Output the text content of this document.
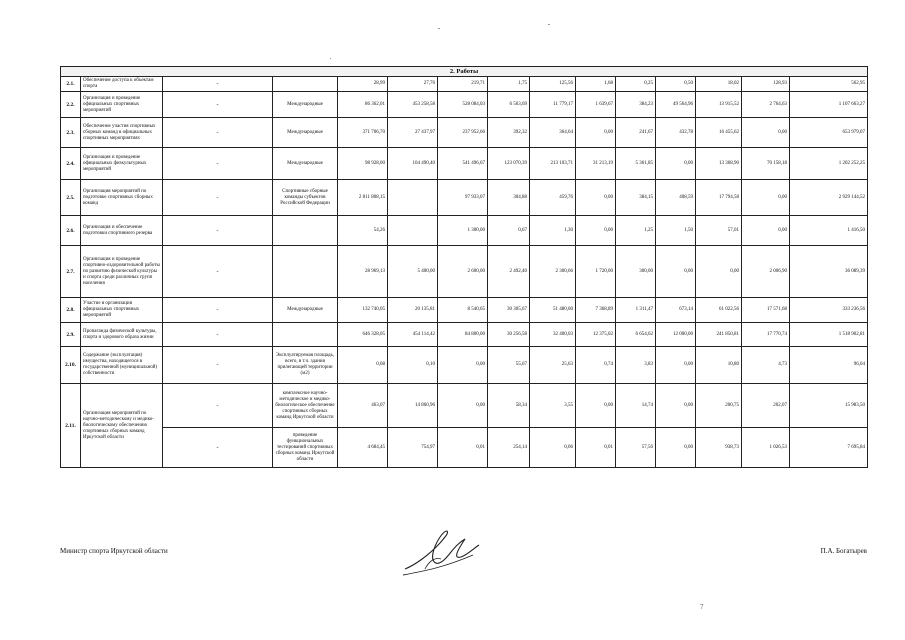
2. Работы														
2.1.	Обеспечение доступа к объектам спорта	-		28,99	27,76	219,71	1,75	125,56	1,68	0,25	0,50	18,02	128,93	562,95
2.2.	Организация и проведение официальных спортивных мероприятий	-	Международные	86 362,01	453 258,58	528 084,03	6 563,69	11 779,17	1 639,67	384,23	49 564,96	13 915,52	2 764,63	1 107 663,27
2.3.	Обеспечение участия спортивных сборных команд в официальных спортивных мероприятиях	-	Международные	371 706,70	27 437,97	237 952,66	392,32	364,64	0,00	241,67	432,78	16 455,62	0,00	653 979,07
2.4.	Организация и проведение официальных физкультурных мероприятий	-	Международные	98 928,00	104 490,40	541 496,67	123 070,39	213 103,71	31 213,19	5 361,85	0,00	13 368,90	70 158,18	1 202 252,25
2.5.	Организация мероприятий по подготовке спортивных сборных команд	-	Спортивные сборные команды субъектов Российской Федерации	2 811 808,15		97 933,07	304,88	459,76	0,00	384,15	408,59	17 794,58	0,00	2 929 144,52
2.6.	Организация и обеспечение подготовки спортивного резерва	-		54,26		1 300,00	0,67	1,30	0,00	1,25	1,50	57,01	0,00	1 416,50
2.7.	Организация и проведение спортивно-оздоровительной работы по развитию физической культуры и спорта среди различных групп населения	-		28 969,13	5 400,00	2 600,00	2 492,40	2 300,66	1 720,00	300,00	0,00	0,00	2 006,90	36 089,39
2.8.	Участие в организации официальных спортивных мероприятий	-	Международные	132 740,05	20 135,81	8 540,65	30 305,67	51 480,60	7 368,89	1 311,47	673,14	61 022,56	17 571,68	333 236,56
2.9.	Пропаганда физической культуры, спорта и здорового образа жизни	-		646 328,05	454 114,42	84 800,00	30 256,58	32 400,03	12 375,02	6 654,62	12 000,00	241 850,81	17 770,74	1 518 902,81
2.10.	Содержание (эксплуатация) имущества, находящегося в государственной (муниципальной) собственности	-	Эксплуатируемая площадь, всего, в т.ч. здания прилегающей территории (м2)	0,68	0,10	0,00	55,67	25,63	0,74	3,83	0,00	10,80	4,73	96,04
2.11.	Организация мероприятий по научно-методическому и медико-биологическому обеспечению спортивных сборных команд Иркутской области	-	комплексное научно-методическое и медико-биологическое обеспечение спортивных сборных команд Иркутской области	463,07	14 860,96	0,00	58,34	3,55	0,00	14,74	0,00	200,75	202,07	15 983,50
		-	проведение функциональных тестирований спортивных сборных команд Иркутской области	4 684,45	754,97	0,01	254,14	0,06	0,01	57,56	0,00	938,73	1 026,53	7 695,84
Министр спорта Иркутской области	П.А. Богатырев
7
